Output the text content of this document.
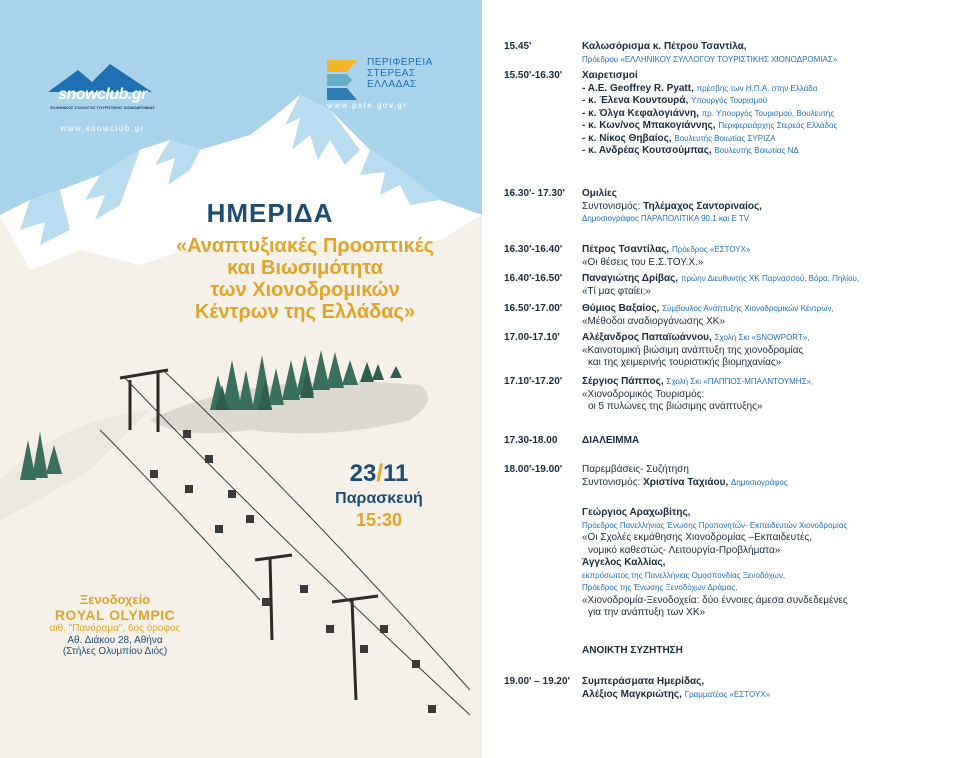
snowclub.gr
ΕΛΛΗΝΙΚΟΣ ΣΥΛΛΟΓΟΣ ΤΟΥΡΙΣΤΙΚΗΣ ΧΙΟΝΟΔΡΟΜΙΑΣ
www.snowclub.gr
ΠΕΡΙΦΕΡΕΙΑ
ΣΤΕΡΕΑΣ
ΕΛΛΑΔΑΣ
www.pste.gov.gr
ΗΜΕΡΙΔΑ
«Αναπτυξιακές Προοπτικές
και Βιωσιμότητα
των Χιονοδρομικών
Κέντρων της Ελλάδας»
23/11
Παρασκευή
15:30
Ξενοδοχείο
ROYAL OLYMPIC
αιθ. "Πανόραμα", 6ος όροφος
Αθ. Διάκου 28, Αθήνα
(Στήλες Ολυμπίου Διός)
15.45'	Καλωσόρισμα κ. Πέτρου Τσαντίλα,
Πρόεδρου «ΕΛΛΗΝΙΚΟΥ ΣΥΛΛΟΓΟΥ ΤΟΥΡΙΣΤΙΚΗΣ ΧΙΟΝΟΔΡΟΜΙΑΣ»
15.50'-16.30' Χαιρετισμοί
- Α.Ε. Geoffrey R. Pyatt, πρέσβης των Η.Π.Α. στην Ελλάδα
- κ. Έλενα Κουντουρά, Υπουργός Τουρισμού
- κ. Όλγα Κεφαλογιάννη, πρ. Υπουργός Τουρισμού, Βουλευτής
- κ. Κων/νος Μπακογιάννης, Περιφερειάρχης Στερεάς Ελλάδος
- κ. Νίκος Θηβαίος, Βουλευτής Βοιωτίας ΣΥΡΙΖΑ
- κ. Ανδρέας Κουτσούμπας, Βουλευτής Βοιωτίας ΝΔ
16.30'- 17.30' Ομιλίες
Συντονισμός: Τηλέμαχος Σαντοριναίος,
Δημοσιογράφος ΠΑΡΑΠΟΛΙΤΙΚΑ 90.1 και E TV
16.30'-16.40' Πέτρος Τσαντίλας, Πρόεδρος «ΕΣΤΟΥΧ»
«Οι θέσεις του Ε.Σ.ΤΟΥ.Χ.»
16.40'-16.50' Παναγιώτης Δρίβας, πρώην Διευθυντής ΧΚ Παρνασσού, Βόρα, Πηλίου,
«Τί μας φταίει;»
16.50'-17.00' Θύμιος Βαξαίος, Σύμβουλος Ανάπτυξης Χιονοδρομικών Κέντρων,
«Μέθοδοι αναδιοργάνωσης ΧΚ»
17.00-17.10' Αλέξανδρος Παπαϊωάννου, Σχολή Σκι «SNOWPORT»,
«Καινοτομική βιώσιμη ανάπτυξη της χιονοδρομίας
και της χειμερινής τουριστικής βιομηχανίας»
17.10'-17.20' Σέργιος Πάππος, Σχολή Σκι «ΠΑΠΠΟΣ-ΜΠΑΛΝΤΟΥΜΗΣ»,
«Χιονοδρομικός Τουρισμός:
οι 5 πυλώνες της βιώσιμης ανάπτυξης»
17.30-18.00 ΔΙΑΛΕΙΜΜΑ
18.00'-19.00' Παρεμβάσεις- Συζήτηση
Συντονισμός: Χριστίνα Ταχιάου, Δημοσιογράφος
Γεώργιος Αραχωβίτης,
Πρόεδρος Πανελλήνιας Ένωσης Προπονητών- Εκπαιδευτών Χιονοδρομίας
«Οι Σχολές εκμάθησης Χιονοδρομίας –Εκπαιδευτές,
νομικό καθεστώς- Λειτουργία-Προβλήματα»
Άγγελος Καλλίας,
εκπρόσωπος της Πανελλήνιας Ομοσπονδίας Ξενοδόχων,
Πρόεδρος της Ένωσης Ξενοδόχων Δράμας,
«Χιονοδρομία-Ξενοδοχεία: δύο έννοιες άμεσα συνδεδεμένες
για την ανάπτυξη των ΧΚ»
ΑΝΟΙΚΤΗ ΣΥΖΗΤΗΣΗ
19.00' – 19.20' Συμπεράσματα Ημερίδας,
Αλέξιος Μαγκριώτης, Γραμματέας «ΕΣΤΟΥΧ»
